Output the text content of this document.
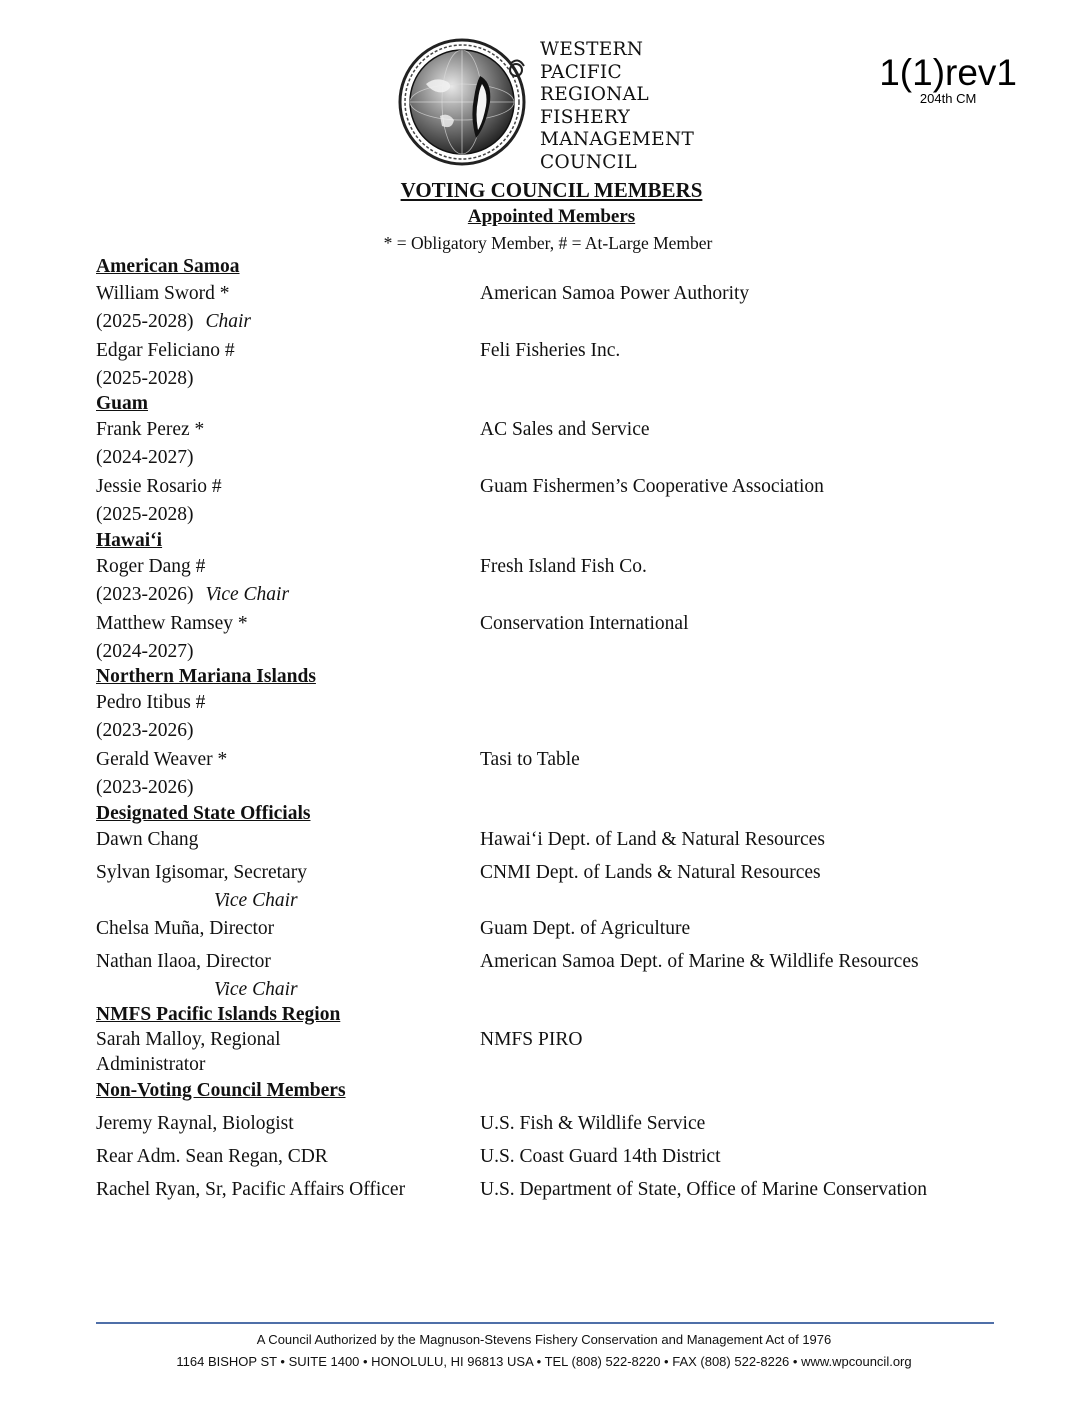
WESTERN
PACIFIC
REGIONAL
FISHERY
MANAGEMENT
COUNCIL
1(1)rev1
204th CM
VOTING COUNCIL MEMBERS
Appointed Members
* = Obligatory Member, # = At-Large Member
American Samoa
William Sword *	American Samoa Power Authority
(2025-2028) Chair
Edgar Feliciano #	Feli Fisheries Inc.
(2025-2028)
Guam
Frank Perez *	AC Sales and Service
(2024-2027)
Jessie Rosario #	Guam Fishermen’s Cooperative Association
(2025-2028)
Hawai‘i
Roger Dang #	Fresh Island Fish Co.
(2023-2026) Vice Chair
Matthew Ramsey *	Conservation International
(2024-2027)
Northern Mariana Islands
Pedro Itibus #
(2023-2026)
Gerald Weaver *	Tasi to Table
(2023-2026)
Designated State Officials
Dawn Chang	Hawai‘i Dept. of Land & Natural Resources
Sylvan Igisomar, Secretary	CNMI Dept. of Lands & Natural Resources
Vice Chair
Chelsa Muña, Director	Guam Dept. of Agriculture
Nathan Ilaoa, Director	American Samoa Dept. of Marine & Wildlife Resources
Vice Chair
NMFS Pacific Islands Region
Sarah Malloy, Regional	NMFS PIRO
Administrator
Non-Voting Council Members
Jeremy Raynal, Biologist	U.S. Fish & Wildlife Service
Rear Adm. Sean Regan, CDR	U.S. Coast Guard 14th District
Rachel Ryan, Sr, Pacific Affairs Officer	U.S. Department of State, Office of Marine Conservation
A Council Authorized by the Magnuson-Stevens Fishery Conservation and Management Act of 1976
1164 BISHOP ST • SUITE 1400 • HONOLULU, HI 96813 USA • TEL (808) 522-8220 • FAX (808) 522-8226 • www.wpcouncil.org
